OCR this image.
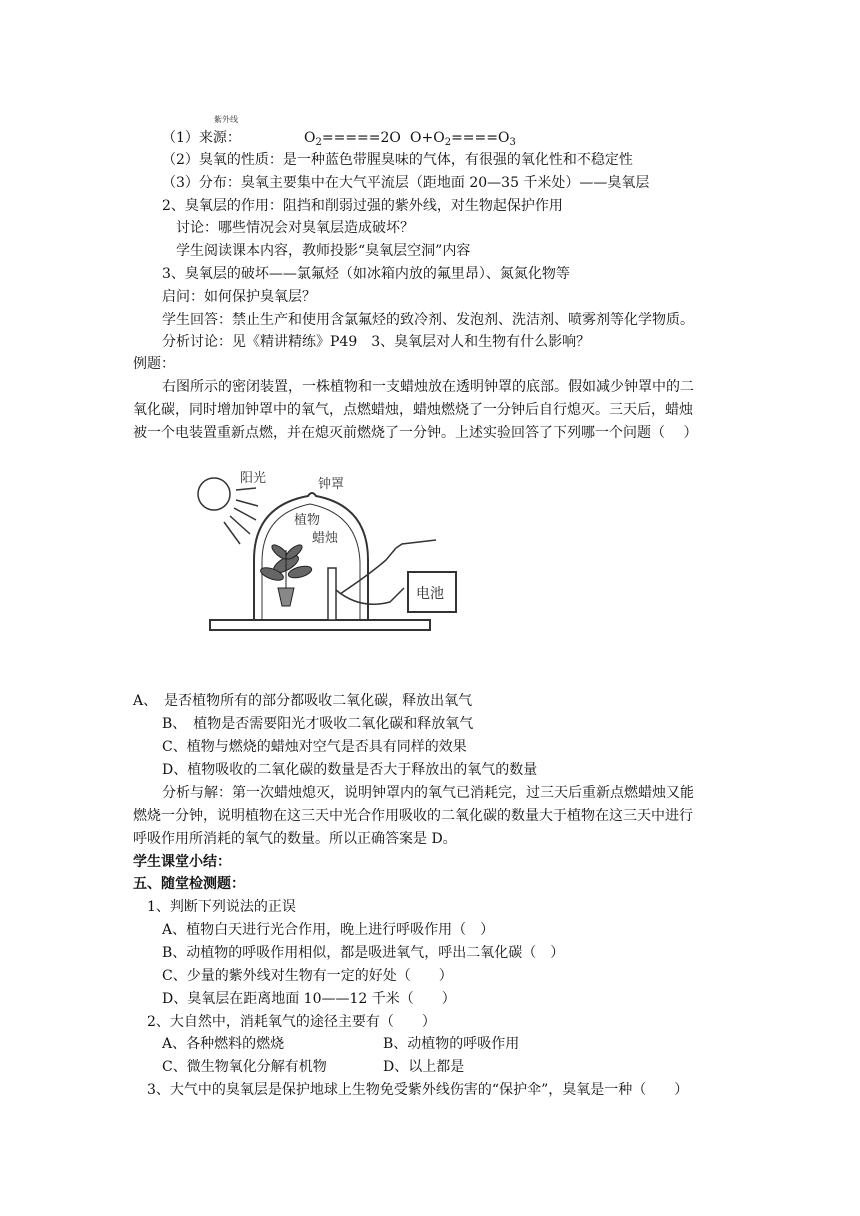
紫外线
（1）来源：	$O_2=====2O$ $O+O_2====O_3$
（2）臭氧的性质：是一种蓝色带腥臭味的气体，有很强的氧化性和不稳定性
（3）分布：臭氧主要集中在大气平流层（距地面 20—35 千米处）——臭氧层
2、臭氧层的作用：阻挡和削弱过强的紫外线，对生物起保护作用
讨论：哪些情况会对臭氧层造成破坏？
学生阅读课本内容，教师投影“臭氧层空洞”内容
3、臭氧层的破坏——氯氟烃（如冰箱内放的氟里昂）、氮氮化物等
启问：如何保护臭氧层？
学生回答：禁止生产和使用含氯氟烃的致冷剂、发泡剂、洗洁剂、喷雾剂等化学物质。
分析讨论：见《精讲精练》P49　3、臭氧层对人和生物有什么影响？
例题：
右图所示的密闭装置，一株植物和一支蜡烛放在透明钟罩的底部。假如减少钟罩中的二
氧化碳，同时增加钟罩中的氧气，点燃蜡烛，蜡烛燃烧了一分钟后自行熄灭。三天后，蜡烛
被一个电装置重新点燃，并在熄灭前燃烧了一分钟。上述实验回答了下列哪一个问题（　 ）
阳光	钟罩
植物
蜡烛
电池
A、　是否植物所有的部分都吸收二氧化碳，释放出氧气
B、　植物是否需要阳光才吸收二氧化碳和释放氧气
C、植物与燃烧的蜡烛对空气是否具有同样的效果
D、植物吸收的二氧化碳的数量是否大于释放出的氧气的数量
分析与解：第一次蜡烛熄灭，说明钟罩内的氧气已消耗完，过三天后重新点燃蜡烛又能
燃烧一分钟，说明植物在这三天中光合作用吸收的二氧化碳的数量大于植物在这三天中进行
呼吸作用所消耗的氧气的数量。所以正确答案是 D。
学生课堂小结：
五、随堂检测题：
1、判断下列说法的正误
A、植物白天进行光合作用，晚上进行呼吸作用（　）
B、动植物的呼吸作用相似，都是吸进氧气，呼出二氧化碳（　）
C、少量的紫外线对生物有一定的好处（　　）
D、臭氧层在距离地面 10——12 千米（　　）
2、大自然中，消耗氧气的途径主要有（　　）
A、各种燃料的燃烧	B、动植物的呼吸作用
C、微生物氧化分解有机物	D、以上都是
3、大气中的臭氧层是保护地球上生物免受紫外线伤害的“保护伞”，臭氧是一种（　　）
